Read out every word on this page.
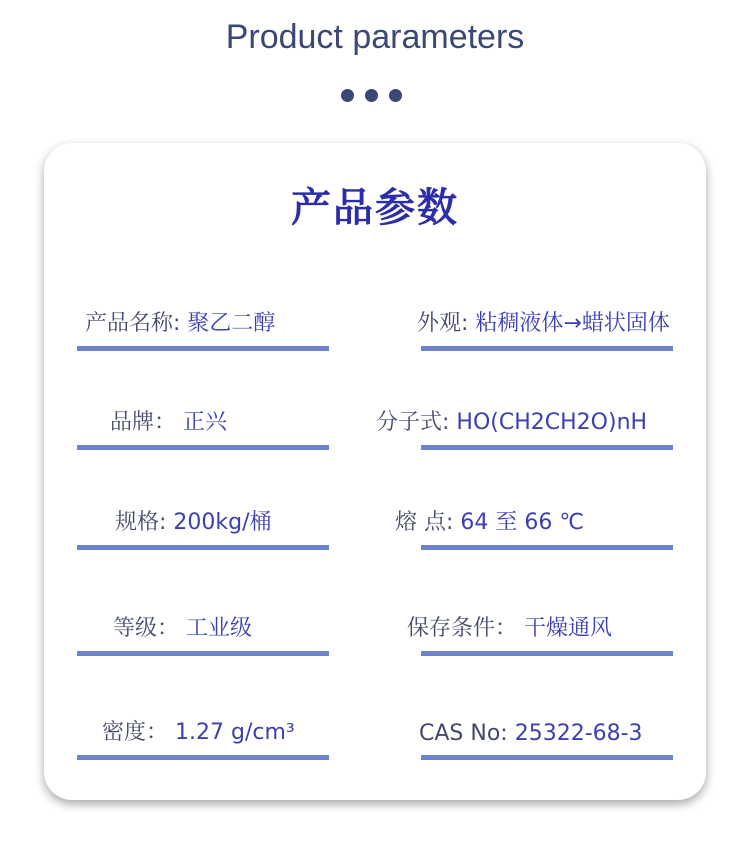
Product parameters
产品参数
产品名称: 聚乙二醇	外观: 粘稠液体→蜡状固体
品牌： 正兴	分子式: HO(CH2CH2O)nH
规格: 200kg/桶	熔 点: 64 至 66 ℃
等级： 工业级	保存条件： 干燥通风
密度： 1.27 g/cm³	CAS No: 25322-68-3
